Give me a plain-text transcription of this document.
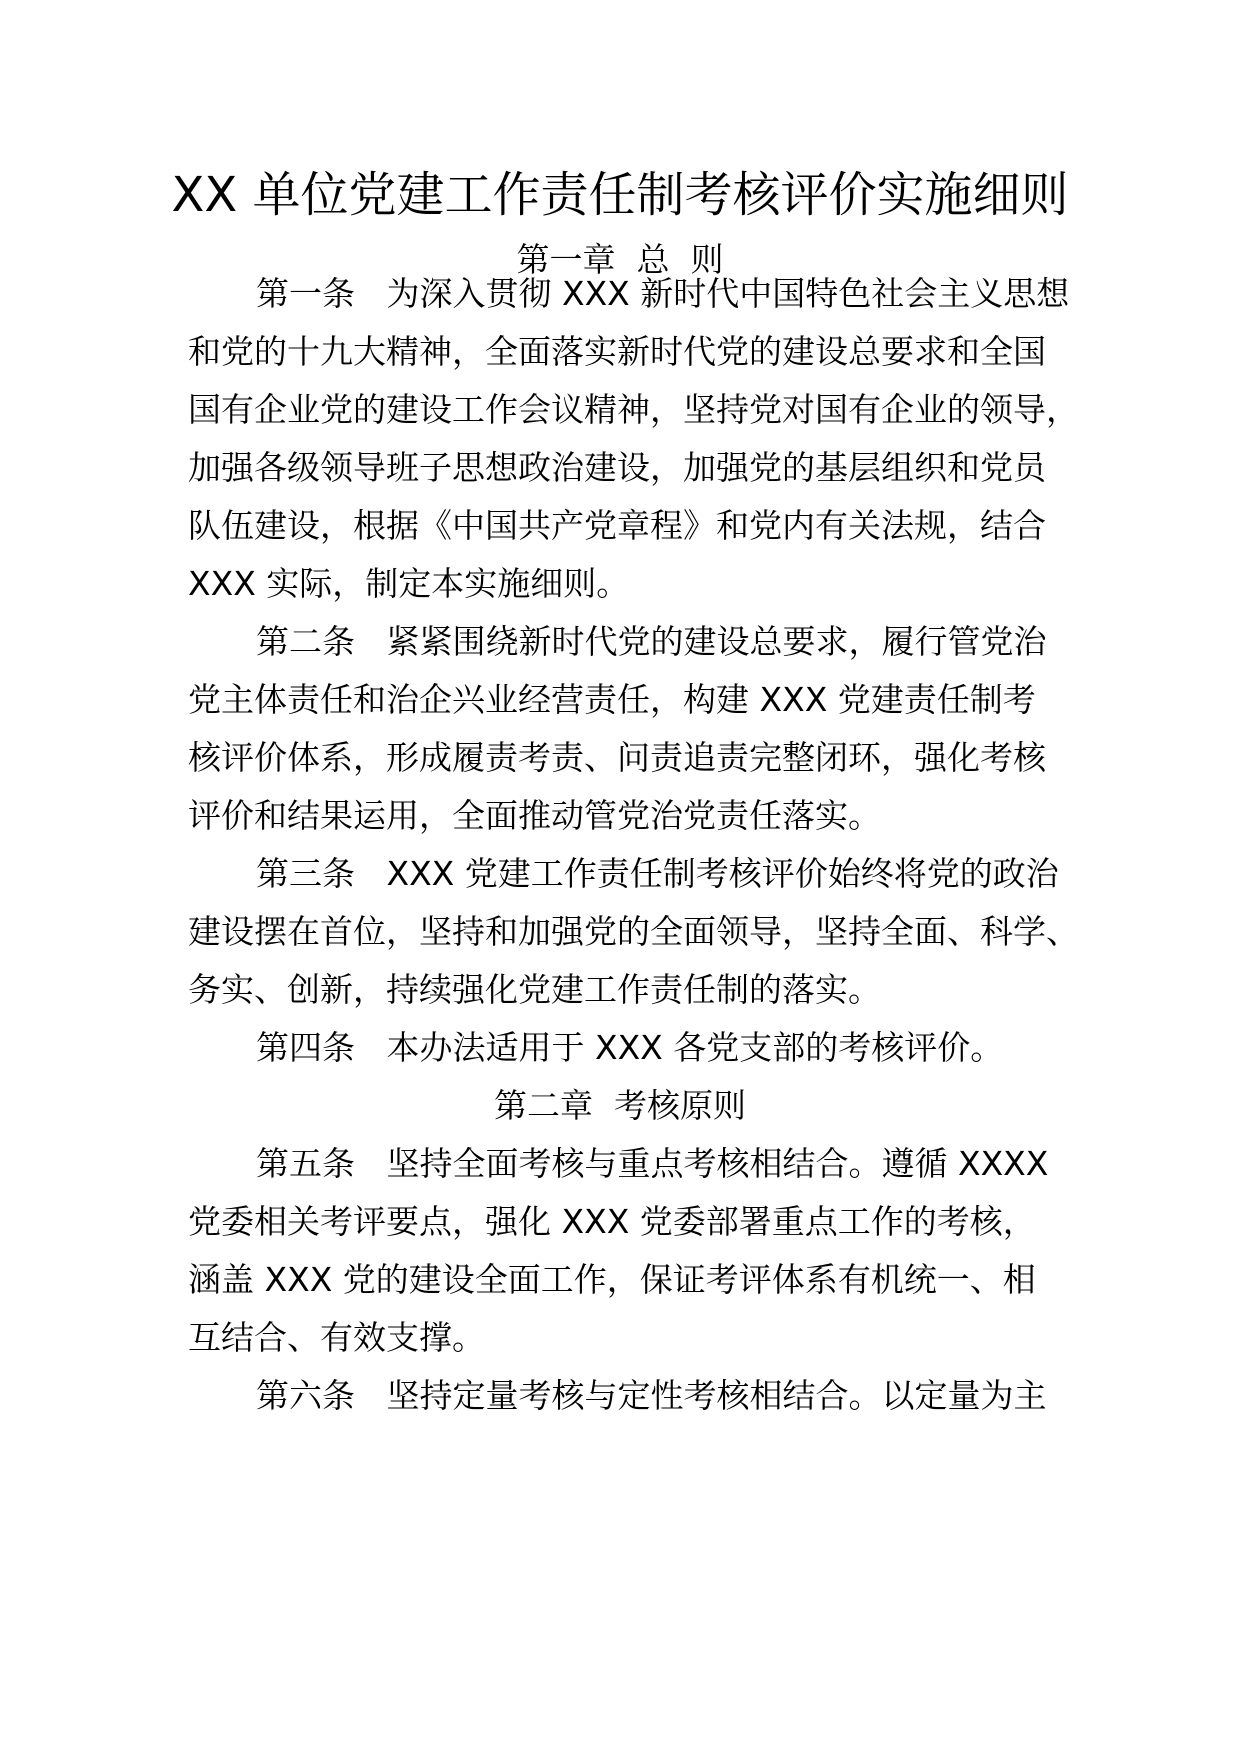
XX 单位党建工作责任制考核评价实施细则
第一章  总  则
第一条   为深入贯彻 XXX 新时代中国特色社会主义思想
和党的十九大精神，全面落实新时代党的建设总要求和全国
国有企业党的建设工作会议精神，坚持党对国有企业的领导，
加强各级领导班子思想政治建设，加强党的基层组织和党员
队伍建设，根据《中国共产党章程》和党内有关法规，结合
XXX 实际，制定本实施细则。
第二条   紧紧围绕新时代党的建设总要求，履行管党治
党主体责任和治企兴业经营责任，构建 XXX 党建责任制考
核评价体系，形成履责考责、问责追责完整闭环，强化考核
评价和结果运用，全面推动管党治党责任落实。
第三条   XXX 党建工作责任制考核评价始终将党的政治
建设摆在首位，坚持和加强党的全面领导，坚持全面、科学、
务实、创新，持续强化党建工作责任制的落实。
第四条   本办法适用于 XXX 各党支部的考核评价。
第二章  考核原则
第五条   坚持全面考核与重点考核相结合。遵循 XXXX
党委相关考评要点，强化 XXX 党委部署重点工作的考核，
涵盖 XXX 党的建设全面工作，保证考评体系有机统一、相
互结合、有效支撑。
第六条   坚持定量考核与定性考核相结合。以定量为主
